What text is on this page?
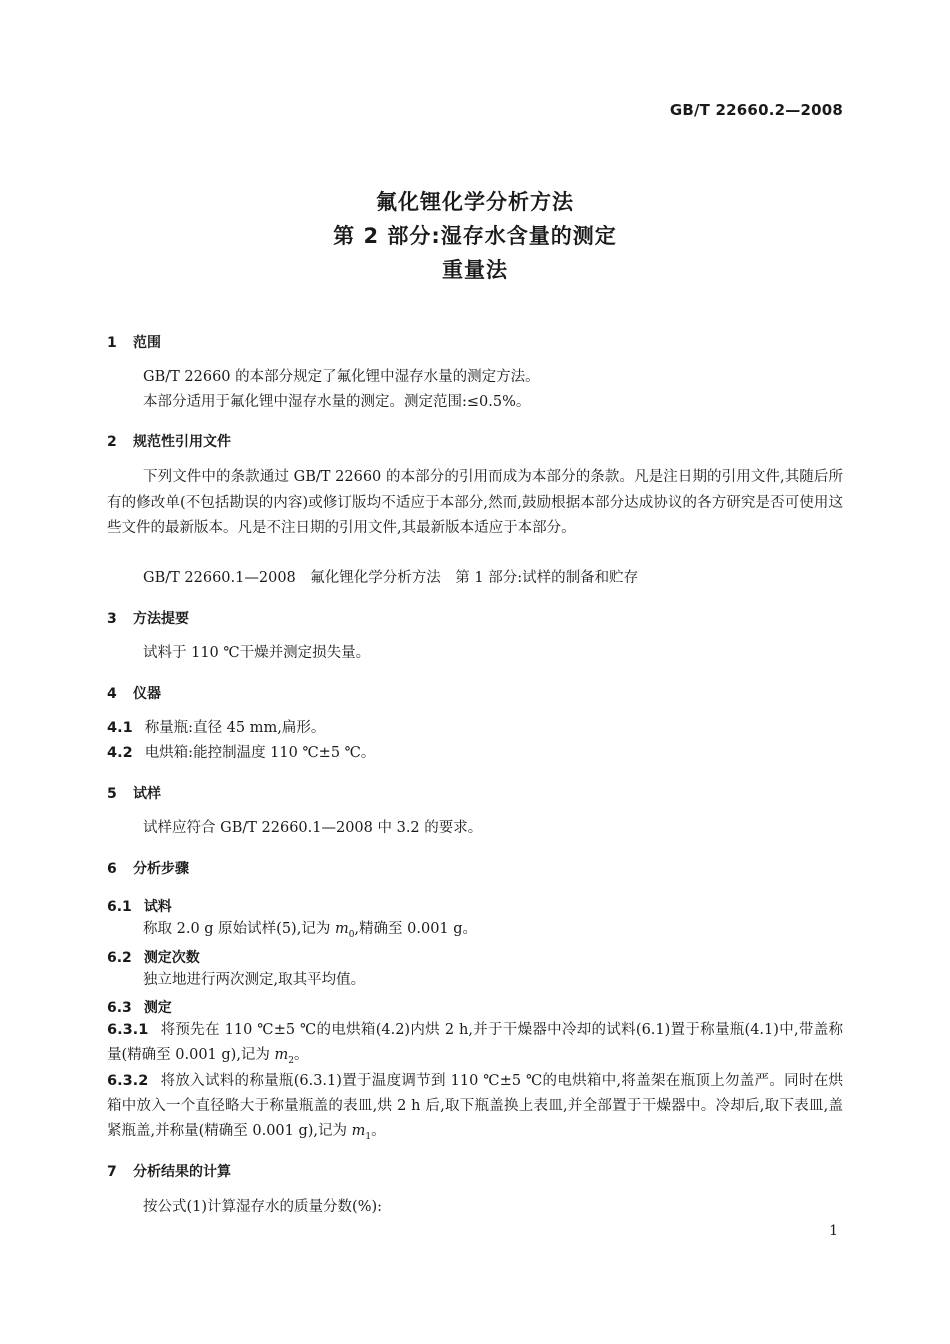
GB/T 22660.2—2008
氟化锂化学分析方法
第 2 部分:湿存水含量的测定
重量法
1 范围
GB/T 22660 的本部分规定了氟化锂中湿存水量的测定方法。
本部分适用于氟化锂中湿存水量的测定。测定范围:≤0.5%。
2 规范性引用文件
下列文件中的条款通过 GB/T 22660 的本部分的引用而成为本部分的条款。凡是注日期的引用文件,其随后所有的修改单(不包括勘误的内容)或修订版均不适应于本部分,然而,鼓励根据本部分达成协议的各方研究是否可使用这些文件的最新版本。凡是不注日期的引用文件,其最新版本适应于本部分。
GB/T 22660.1—2008　氟化锂化学分析方法　第 1 部分:试样的制备和贮存
3 方法提要
试料于 110 ℃干燥并测定损失量。
4 仪器
4.1 称量瓶:直径 45 mm,扁形。
4.2 电烘箱:能控制温度 110 ℃±5 ℃。
5 试样
试样应符合 GB/T 22660.1—2008 中 3.2 的要求。
6 分析步骤
6.1 试料
称取 2.0 g 原始试样(5),记为 $m_0$,精确至 0.001 g。
6.2 测定次数
独立地进行两次测定,取其平均值。
6.3 测定
6.3.1 将预先在 110 ℃±5 ℃的电烘箱(4.2)内烘 2 h,并于干燥器中冷却的试料(6.1)置于称量瓶(4.1)中,带盖称量(精确至 0.001 g),记为 $m_2$。
6.3.2 将放入试料的称量瓶(6.3.1)置于温度调节到 110 ℃±5 ℃的电烘箱中,将盖架在瓶顶上勿盖严。同时在烘箱中放入一个直径略大于称量瓶盖的表皿,烘 2 h 后,取下瓶盖换上表皿,并全部置于干燥器中。冷却后,取下表皿,盖紧瓶盖,并称量(精确至 0.001 g),记为 $m_1$。
7 分析结果的计算
按公式(1)计算湿存水的质量分数(%):
1
